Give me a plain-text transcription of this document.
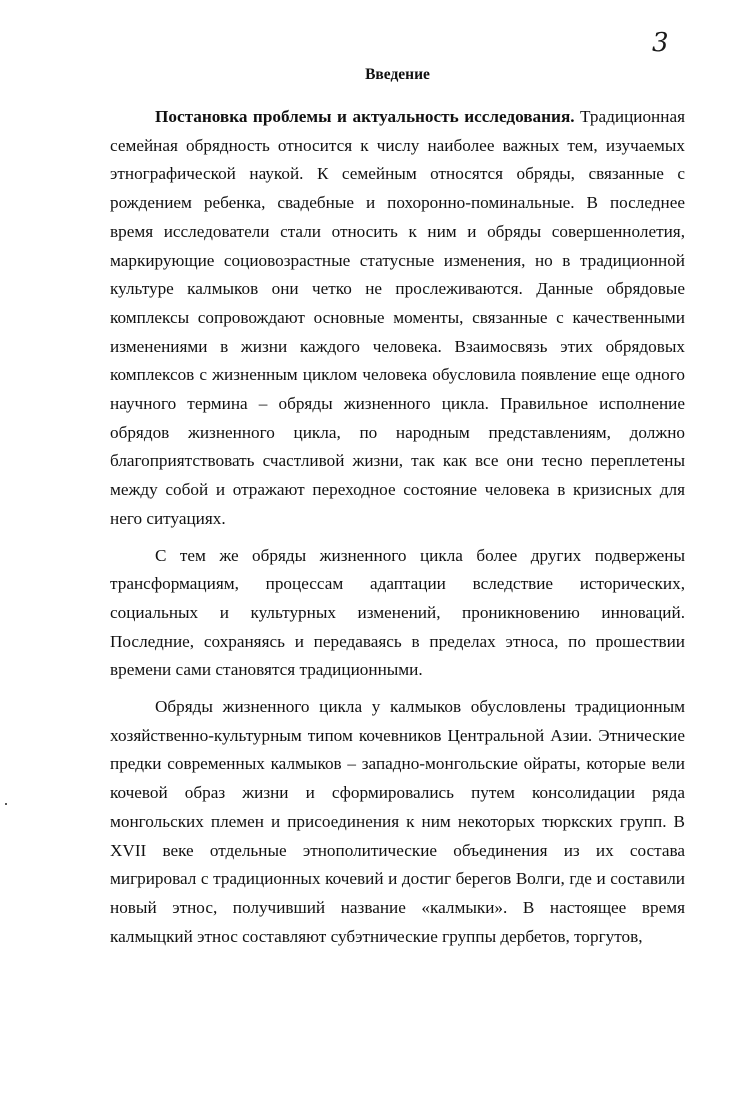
3
Введение

Постановка проблемы и актуальность исследования. Традиционная семейная обрядность относится к числу наиболее важных тем, изучаемых этнографической наукой. К семейным относятся обряды, связанные с рождением ребенка, свадебные и похоронно-поминальные. В последнее время исследователи стали относить к ним и обряды совершеннолетия, маркирующие социовозрастные статусные изменения, но в традиционной культуре калмыков они четко не прослеживаются. Данные обрядовые комплексы сопровождают основные моменты, связанные с качественными изменениями в жизни каждого человека. Взаимосвязь этих обрядовых комплексов с жизненным циклом человека обусловила появление еще одного научного термина – обряды жизненного цикла. Правильное исполнение обрядов жизненного цикла, по народным представлениям, должно благоприятствовать счастливой жизни, так как все они тесно переплетены между собой и отражают переходное состояние человека в кризисных для него ситуациях.

С тем же обряды жизненного цикла более других подвержены трансформациям, процессам адаптации вследствие исторических, социальных и культурных изменений, проникновению инноваций. Последние, сохраняясь и передаваясь в пределах этноса, по прошествии времени сами становятся традиционными.

Обряды жизненного цикла у калмыков обусловлены традиционным хозяйственно-культурным типом кочевников Центральной Азии. Этнические предки современных калмыков – западно-монгольские ойраты, которые вели кочевой образ жизни и сформировались путем консолидации ряда монгольских племен и присоединения к ним некоторых тюркских групп. В XVII веке отдельные этнополитические объединения из их состава мигрировал с традиционных кочевий и достиг берегов Волги, где и составили новый этнос, получивший название «калмыки». В настоящее время калмыцкий этнос составляют субэтнические группы дербетов, торгутов,
